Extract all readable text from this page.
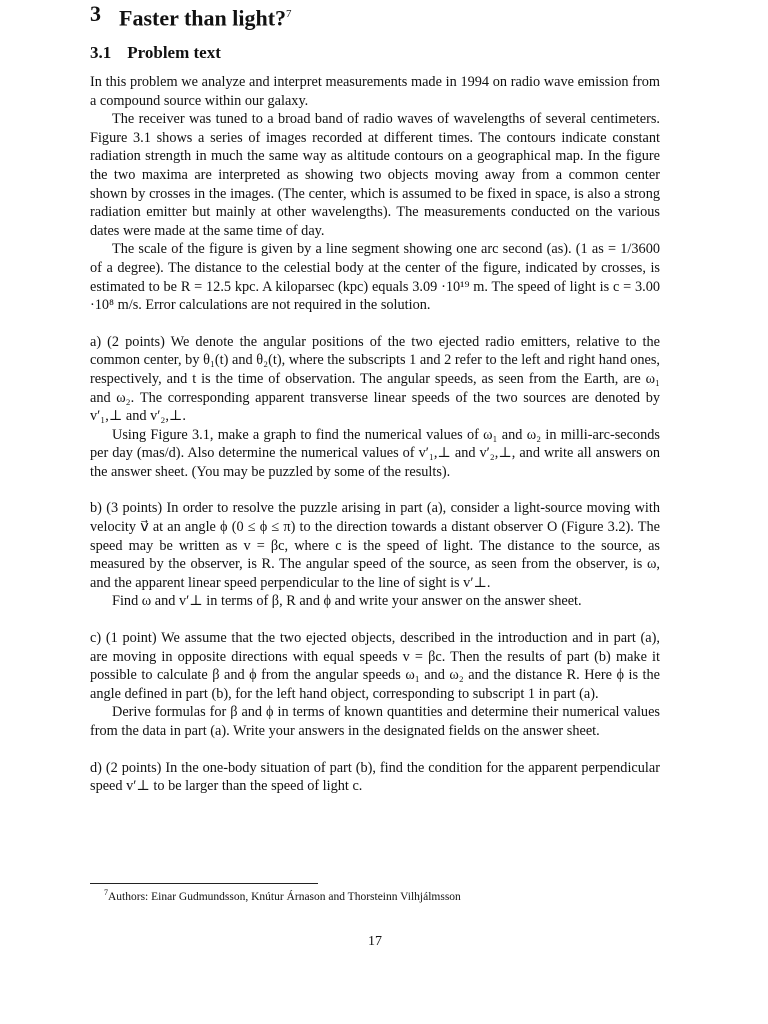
3 Faster than light?$^7$
3.1 Problem text

In this problem we analyze and interpret measurements made in 1994 on radio wave emission from a compound source within our galaxy.

The receiver was tuned to a broad band of radio waves of wavelengths of several centimeters. Figure 3.1 shows a series of images recorded at different times. The contours indicate constant radiation strength in much the same way as altitude contours on a geographical map. In the figure the two maxima are interpreted as showing two objects moving away from a common center shown by crosses in the images. (The center, which is assumed to be fixed in space, is also a strong radiation emitter but mainly at other wavelengths). The measurements conducted on the various dates were made at the same time of day.

The scale of the figure is given by a line segment showing one arc second (as). (1 as = 1/3600 of a degree). The distance to the celestial body at the center of the figure, indicated by crosses, is estimated to be R = 12.5 kpc. A kiloparsec (kpc) equals 3.09 ·10¹⁹ m. The speed of light is c = 3.00 ·10⁸ m/s. Error calculations are not required in the solution.

a) (2 points) We denote the angular positions of the two ejected radio emitters, relative to the common center, by θ₁(t) and θ₂(t), where the subscripts 1 and 2 refer to the left and right hand ones, respectively, and t is the time of observation. The angular speeds, as seen from the Earth, are ω₁ and ω₂. The corresponding apparent transverse linear speeds of the two sources are denoted by v′₁,⊥ and v′₂,⊥.

Using Figure 3.1, make a graph to find the numerical values of ω₁ and ω₂ in milli-arc-seconds per day (mas/d). Also determine the numerical values of v′₁,⊥ and v′₂,⊥, and write all answers on the answer sheet. (You may be puzzled by some of the results).

b) (3 points) In order to resolve the puzzle arising in part (a), consider a light-source moving with velocity v⃗ at an angle ϕ (0 ≤ ϕ ≤ π) to the direction towards a distant observer O (Figure 3.2). The speed may be written as v = βc, where c is the speed of light. The distance to the source, as measured by the observer, is R. The angular speed of the source, as seen from the observer, is ω, and the apparent linear speed perpendicular to the line of sight is v′⊥.

Find ω and v′⊥ in terms of β, R and ϕ and write your answer on the answer sheet.

c) (1 point) We assume that the two ejected objects, described in the introduction and in part (a), are moving in opposite directions with equal speeds v = βc. Then the results of part (b) make it possible to calculate β and ϕ from the angular speeds ω₁ and ω₂ and the distance R. Here ϕ is the angle defined in part (b), for the left hand object, corresponding to subscript 1 in part (a).

Derive formulas for β and ϕ in terms of known quantities and determine their numerical values from the data in part (a). Write your answers in the designated fields on the answer sheet.

d) (2 points) In the one-body situation of part (b), find the condition for the apparent perpendicular speed v′⊥ to be larger than the speed of light c.

$^7$Authors: Einar Gudmundsson, Knútur Árnason and Thorsteinn Vilhjálmsson
17
